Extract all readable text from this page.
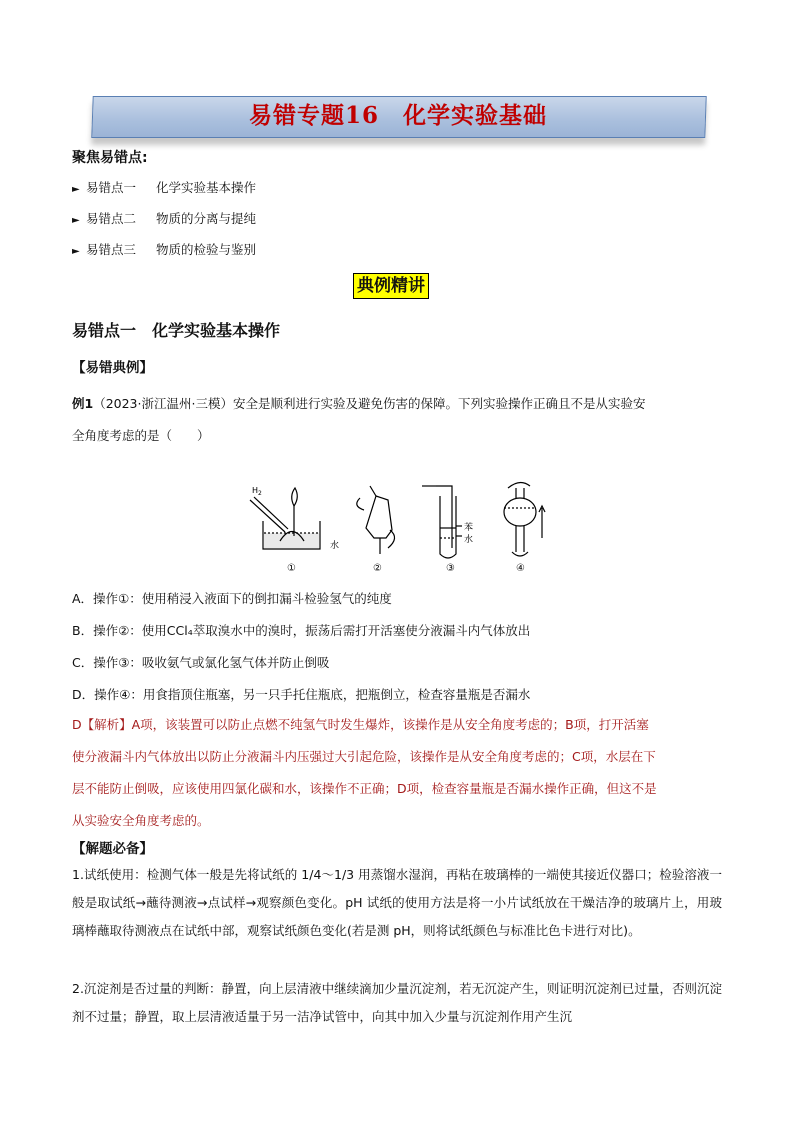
易错专题16　化学实验基础
聚焦易错点:
► 易错点一 化学实验基本操作
► 易错点二 物质的分离与提纯
► 易错点三 物质的检验与鉴别
典例精讲
易错点一　化学实验基本操作
【易错典例】
例1（2023·浙江温州·三模）安全是顺利进行实验及避免伤害的保障。下列实验操作正确且不是从实验安
全角度考虑的是（　　）
H 2
水
①	②
苯
水
③	④
A．操作①：使用稍浸入液面下的倒扣漏斗检验氢气的纯度
B．操作②：使用CCl₄萃取溴水中的溴时，振荡后需打开活塞使分液漏斗内气体放出
C．操作③：吸收氨气或氯化氢气体并防止倒吸
D．操作④：用食指顶住瓶塞，另一只手托住瓶底，把瓶倒立，检查容量瓶是否漏水
D【解析】A项，该装置可以防止点燃不纯氢气时发生爆炸，该操作是从安全角度考虑的；B项，打开活塞
使分液漏斗内气体放出以防止分液漏斗内压强过大引起危险，该操作是从安全角度考虑的；C项，水层在下
层不能防止倒吸，应该使用四氯化碳和水，该操作不正确；D项，检查容量瓶是否漏水操作正确，但这不是
从实验安全角度考虑的。
【解题必备】
1.试纸使用：检测气体一般是先将试纸的 1/4～1/3 用蒸馏水湿润，再粘在玻璃棒的一端使其接近仪器口；检验溶液一般是取试纸→蘸待测液→点试样→观察颜色变化。pH 试纸的使用方法是将一小片试纸放在干燥洁净的玻璃片上，用玻璃棒蘸取待测液点在试纸中部，观察试纸颜色变化(若是测 pH，则将试纸颜色与标准比色卡进行对比)。
2.沉淀剂是否过量的判断：静置，向上层清液中继续滴加少量沉淀剂，若无沉淀产生，则证明沉淀剂已过量，否则沉淀剂不过量；静置，取上层清液适量于另一洁净试管中，向其中加入少量与沉淀剂作用产生沉
